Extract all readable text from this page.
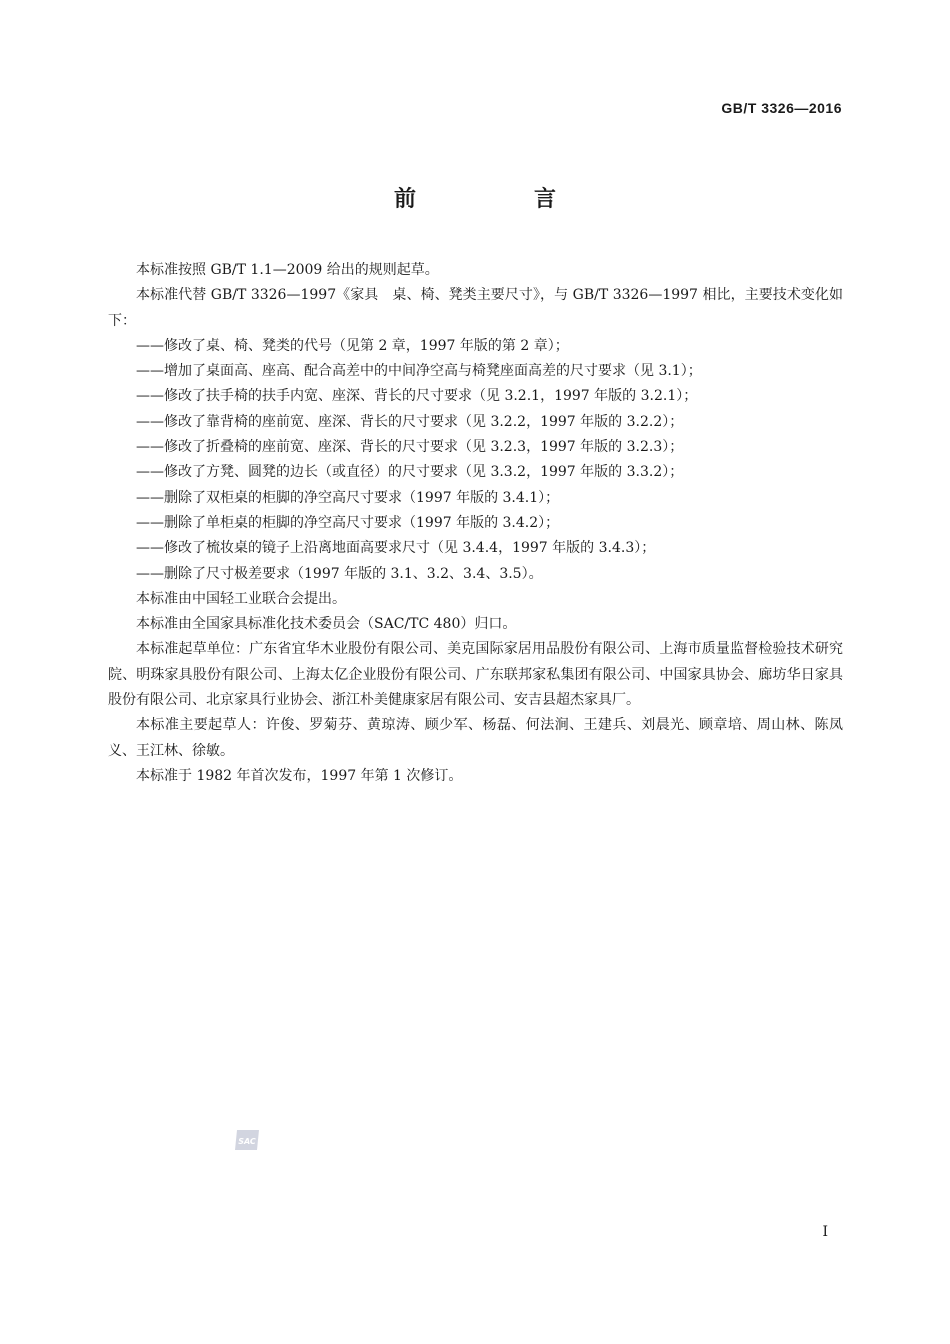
GB/T 3326—2016
前　言

本标准按照 GB/T 1.1—2009 给出的规则起草。

本标准代替 GB/T 3326—1997《家具　桌、椅、凳类主要尺寸》，与 GB/T 3326—1997 相比，主要技术变化如下：

——修改了桌、椅、凳类的代号（见第 2 章，1997 年版的第 2 章）；

——增加了桌面高、座高、配合高差中的中间净空高与椅凳座面高差的尺寸要求（见 3.1）；

——修改了扶手椅的扶手内宽、座深、背长的尺寸要求（见 3.2.1，1997 年版的 3.2.1）；

——修改了靠背椅的座前宽、座深、背长的尺寸要求（见 3.2.2，1997 年版的 3.2.2）；

——修改了折叠椅的座前宽、座深、背长的尺寸要求（见 3.2.3，1997 年版的 3.2.3）；

——修改了方凳、圆凳的边长（或直径）的尺寸要求（见 3.3.2，1997 年版的 3.3.2）；

——删除了双柜桌的柜脚的净空高尺寸要求（1997 年版的 3.4.1）；

——删除了单柜桌的柜脚的净空高尺寸要求（1997 年版的 3.4.2）；

——修改了梳妆桌的镜子上沿离地面高要求尺寸（见 3.4.4，1997 年版的 3.4.3）；

——删除了尺寸极差要求（1997 年版的 3.1、3.2、3.4、3.5）。

本标准由中国轻工业联合会提出。

本标准由全国家具标准化技术委员会（SAC/TC 480）归口。

本标准起草单位：广东省宜华木业股份有限公司、美克国际家居用品股份有限公司、上海市质量监督检验技术研究院、明珠家具股份有限公司、上海太亿企业股份有限公司、广东联邦家私集团有限公司、中国家具协会、廊坊华日家具股份有限公司、北京家具行业协会、浙江朴美健康家居有限公司、安吉县超杰家具厂。

本标准主要起草人：许俊、罗菊芬、黄琼涛、顾少军、杨磊、何法涧、王建兵、刘晨光、顾章培、周山林、陈凤义、王江林、徐敏。

本标准于 1982 年首次发布，1997 年第 1 次修订。

SAC
I
